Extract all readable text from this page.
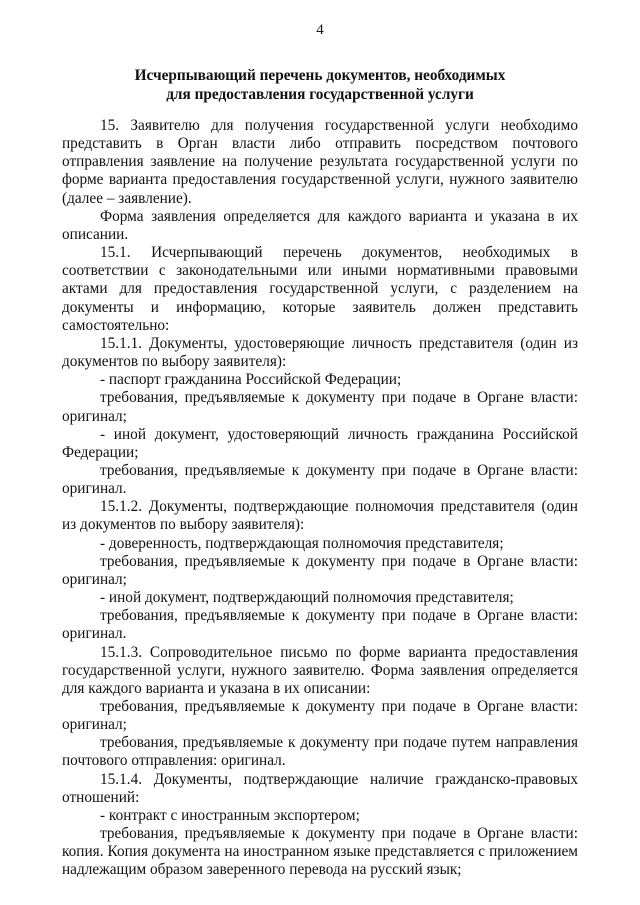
4
Исчерпывающий перечень документов, необходимых
для предоставления государственной услуги

15. Заявителю для получения государственной услуги необходимо представить в Орган власти либо отправить посредством почтового отправления заявление на получение результата государственной услуги по форме варианта предоставления государственной услуги, нужного заявителю (далее – заявление).

Форма заявления определяется для каждого варианта и указана в их описании.

15.1. Исчерпывающий перечень документов, необходимых в соответствии с законодательными или иными нормативными правовыми актами для предоставления государственной услуги, с разделением на документы и информацию, которые заявитель должен представить самостоятельно:

15.1.1. Документы, удостоверяющие личность представителя (один из документов по выбору заявителя):

- паспорт гражданина Российской Федерации;

требования, предъявляемые к документу при подаче в Органе власти: оригинал;

- иной документ, удостоверяющий личность гражданина Российской Федерации;

требования, предъявляемые к документу при подаче в Органе власти: оригинал.

15.1.2. Документы, подтверждающие полномочия представителя (один из документов по выбору заявителя):

- доверенность, подтверждающая полномочия представителя;

требования, предъявляемые к документу при подаче в Органе власти: оригинал;

- иной документ, подтверждающий полномочия представителя;

требования, предъявляемые к документу при подаче в Органе власти: оригинал.

15.1.3. Сопроводительное письмо по форме варианта предоставления государственной услуги, нужного заявителю. Форма заявления определяется для каждого варианта и указана в их описании:

требования, предъявляемые к документу при подаче в Органе власти: оригинал;

требования, предъявляемые к документу при подаче путем направления почтового отправления: оригинал.

15.1.4. Документы, подтверждающие наличие гражданско-правовых отношений:

- контракт с иностранным экспортером;

требования, предъявляемые к документу при подаче в Органе власти: копия. Копия документа на иностранном языке представляется с приложением надлежащим образом заверенного перевода на русский язык;
